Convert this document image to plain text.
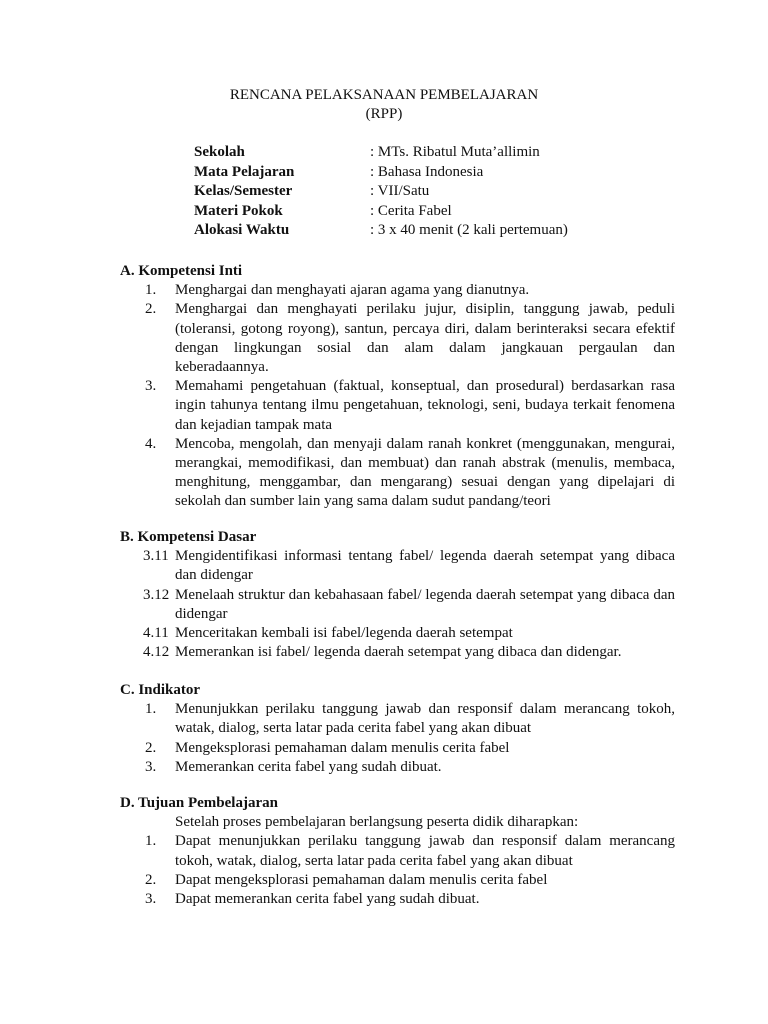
RENCANA PELAKSANAAN PEMBELAJARAN
(RPP)
Sekolah	: MTs. Ribatul Muta’allimin
Mata Pelajaran	: Bahasa Indonesia
Kelas/Semester	: VII/Satu
Materi Pokok	: Cerita Fabel
Alokasi Waktu	: 3 x 40 menit (2 kali pertemuan)
A. Kompetensi Inti
1.	Menghargai dan menghayati ajaran agama yang dianutnya.
2.	Menghargai dan menghayati perilaku jujur, disiplin, tanggung jawab, peduli (toleransi, gotong royong), santun, percaya diri, dalam berinteraksi secara efektif dengan lingkungan sosial dan alam dalam jangkauan pergaulan dan keberadaannya.
3.	Memahami pengetahuan (faktual, konseptual, dan prosedural) berdasarkan rasa ingin tahunya tentang ilmu pengetahuan, teknologi, seni, budaya terkait fenomena dan kejadian tampak mata
4.	Mencoba, mengolah, dan menyaji dalam ranah konkret (menggunakan, mengurai, merangkai, memodifikasi, dan membuat) dan ranah abstrak (menulis, membaca, menghitung, menggambar, dan mengarang) sesuai dengan yang dipelajari di sekolah dan sumber lain yang sama dalam sudut pandang/teori
B. Kompetensi Dasar
3.11 Mengidentifikasi informasi tentang fabel/ legenda daerah setempat yang dibaca dan didengar
3.12 Menelaah struktur dan kebahasaan fabel/ legenda daerah setempat yang dibaca dan didengar
4.11 Menceritakan kembali isi fabel/legenda daerah setempat
4.12 Memerankan isi fabel/ legenda daerah setempat yang dibaca dan didengar.
C. Indikator
1.	Menunjukkan perilaku tanggung jawab dan responsif dalam merancang tokoh, watak, dialog, serta latar pada cerita fabel yang akan dibuat
2.	Mengeksplorasi pemahaman dalam menulis cerita fabel
3.	Memerankan cerita fabel yang sudah dibuat.
D. Tujuan Pembelajaran
Setelah proses pembelajaran berlangsung peserta didik diharapkan:
1.	Dapat menunjukkan perilaku tanggung jawab dan responsif dalam merancang tokoh, watak, dialog, serta latar pada cerita fabel yang akan dibuat
2.	Dapat mengeksplorasi pemahaman dalam menulis cerita fabel
3.	Dapat memerankan cerita fabel yang sudah dibuat.
